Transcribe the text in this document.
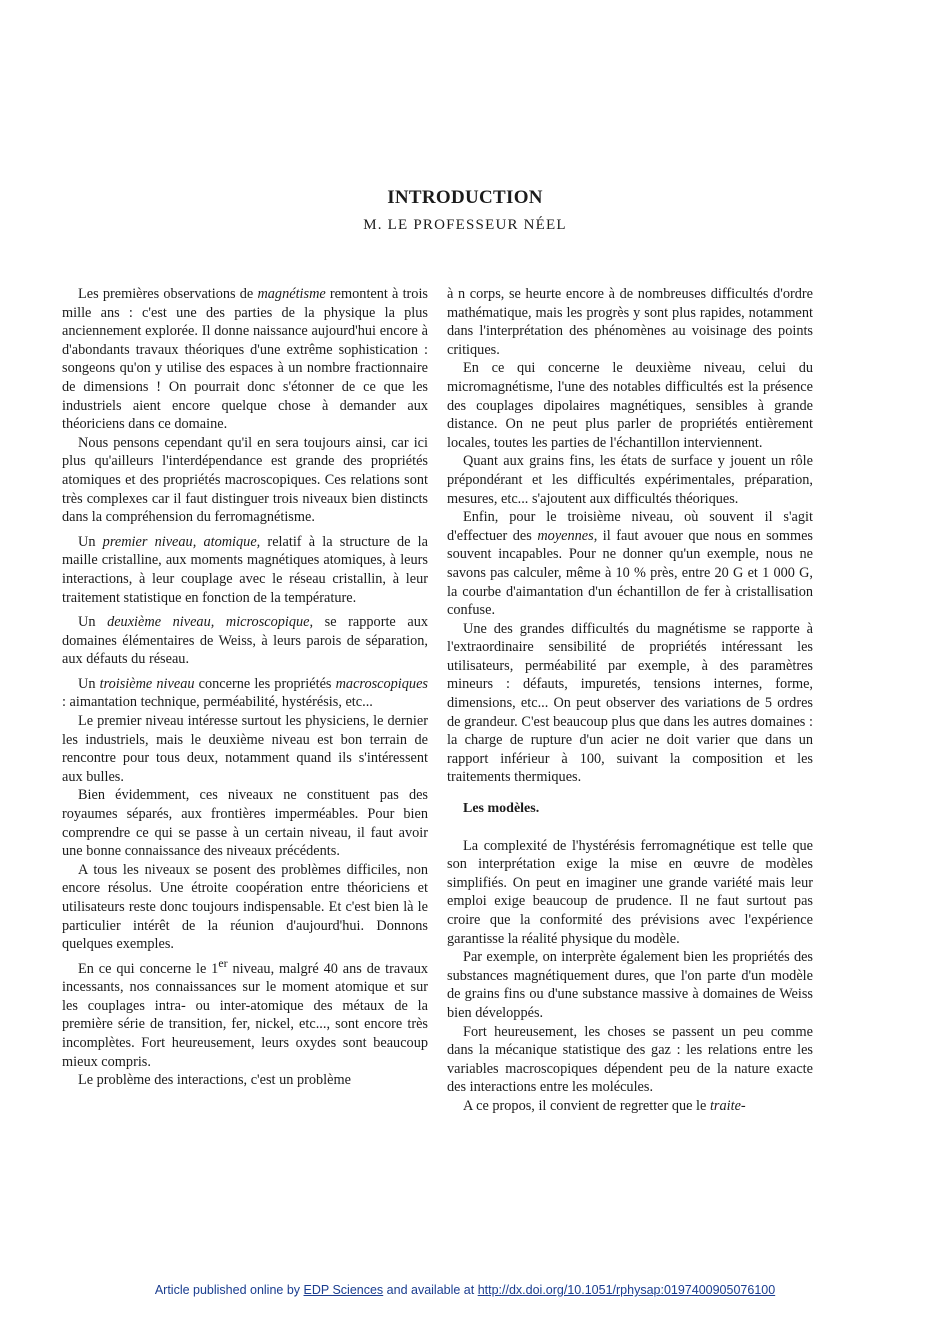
INTRODUCTION
M. LE PROFESSEUR NÉEL

Les premières observations de magnétisme remontent à trois mille ans : c'est une des parties de la physique la plus anciennement explorée. Il donne naissance aujourd'hui encore à d'abondants travaux théoriques d'une extrême sophistication : songeons qu'on y utilise des espaces à un nombre fractionnaire de dimensions ! On pourrait donc s'étonner de ce que les industriels aient encore quelque chose à demander aux théoriciens dans ce domaine.

Nous pensons cependant qu'il en sera toujours ainsi, car ici plus qu'ailleurs l'interdépendance est grande des propriétés atomiques et des propriétés macroscopiques. Ces relations sont très complexes car il faut distinguer trois niveaux bien distincts dans la compréhension du ferromagnétisme.

Un premier niveau, atomique, relatif à la structure de la maille cristalline, aux moments magnétiques atomiques, à leurs interactions, à leur couplage avec le réseau cristallin, à leur traitement statistique en fonction de la température.

Un deuxième niveau, microscopique, se rapporte aux domaines élémentaires de Weiss, à leurs parois de séparation, aux défauts du réseau.

Un troisième niveau concerne les propriétés macroscopiques : aimantation technique, perméabilité, hystérésis, etc...

Le premier niveau intéresse surtout les physiciens, le dernier les industriels, mais le deuxième niveau est bon terrain de rencontre pour tous deux, notamment quand ils s'intéressent aux bulles.

Bien évidemment, ces niveaux ne constituent pas des royaumes séparés, aux frontières imperméables. Pour bien comprendre ce qui se passe à un certain niveau, il faut avoir une bonne connaissance des niveaux précédents.

A tous les niveaux se posent des problèmes difficiles, non encore résolus. Une étroite coopération entre théoriciens et utilisateurs reste donc toujours indispensable. Et c'est bien là le particulier intérêt de la réunion d'aujourd'hui. Donnons quelques exemples.

En ce qui concerne le 1er niveau, malgré 40 ans de travaux incessants, nos connaissances sur le moment atomique et sur les couplages intra- ou inter-atomique des métaux de la première série de transition, fer, nickel, etc..., sont encore très incomplètes. Fort heureusement, leurs oxydes sont beaucoup mieux compris.

Le problème des interactions, c'est un problème

à n corps, se heurte encore à de nombreuses difficultés d'ordre mathématique, mais les progrès y sont plus rapides, notamment dans l'interprétation des phénomènes au voisinage des points critiques.

En ce qui concerne le deuxième niveau, celui du micromagnétisme, l'une des notables difficultés est la présence des couplages dipolaires magnétiques, sensibles à grande distance. On ne peut plus parler de propriétés entièrement locales, toutes les parties de l'échantillon interviennent.

Quant aux grains fins, les états de surface y jouent un rôle prépondérant et les difficultés expérimentales, préparation, mesures, etc... s'ajoutent aux difficultés théoriques.

Enfin, pour le troisième niveau, où souvent il s'agit d'effectuer des moyennes, il faut avouer que nous en sommes souvent incapables. Pour ne donner qu'un exemple, nous ne savons pas calculer, même à 10 % près, entre 20 G et 1 000 G, la courbe d'aimantation d'un échantillon de fer à cristallisation confuse.

Une des grandes difficultés du magnétisme se rapporte à l'extraordinaire sensibilité de propriétés intéressant les utilisateurs, perméabilité par exemple, à des paramètres mineurs : défauts, impuretés, tensions internes, forme, dimensions, etc... On peut observer des variations de 5 ordres de grandeur. C'est beaucoup plus que dans les autres domaines : la charge de rupture d'un acier ne doit varier que dans un rapport inférieur à 100, suivant la composition et les traitements thermiques.

Les modèles.

La complexité de l'hystérésis ferromagnétique est telle que son interprétation exige la mise en œuvre de modèles simplifiés. On peut en imaginer une grande variété mais leur emploi exige beaucoup de prudence. Il ne faut surtout pas croire que la conformité des prévisions avec l'expérience garantisse la réalité physique du modèle.

Par exemple, on interprète également bien les propriétés des substances magnétiquement dures, que l'on parte d'un modèle de grains fins ou d'une substance massive à domaines de Weiss bien développés.

Fort heureusement, les choses se passent un peu comme dans la mécanique statistique des gaz : les relations entre les variables macroscopiques dépendent peu de la nature exacte des interactions entre les molécules.

A ce propos, il convient de regretter que le traite-

Article published online by EDP Sciences and available at http://dx.doi.org/10.1051/rphysap:0197400905076100
